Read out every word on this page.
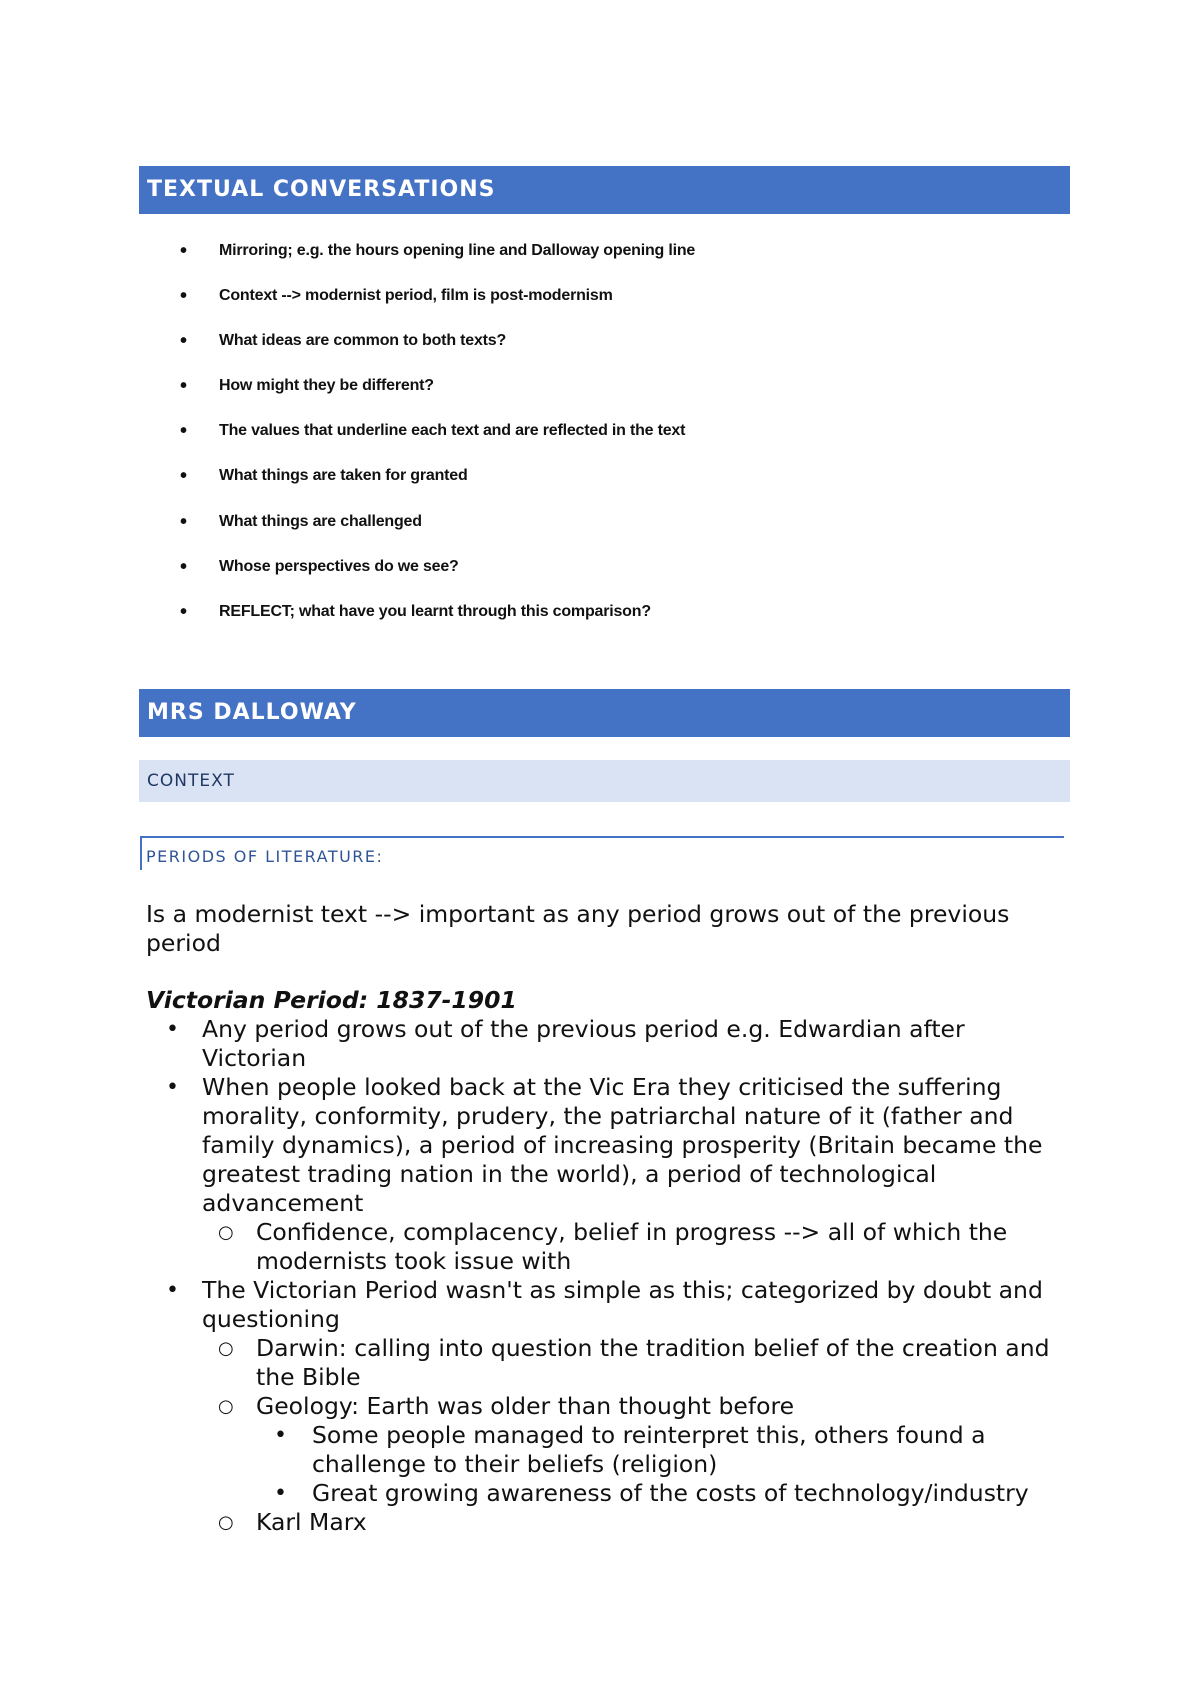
TEXTUAL CONVERSATIONS
• Mirroring; e.g. the hours opening line and Dalloway opening line
• Context --> modernist period, film is post-modernism
• What ideas are common to both texts?
• How might they be different?
• The values that underline each text and are reflected in the text
• What things are taken for granted
• What things are challenged
• Whose perspectives do we see?
• REFLECT; what have you learnt through this comparison?
MRS DALLOWAY
CONTEXT
PERIODS OF LITERATURE:

Is a modernist text --> important as any period grows out of the previous period

Victorian Period: 1837-1901

• Any period grows out of the previous period e.g. Edwardian after Victorian
• When people looked back at the Vic Era they criticised the suffering morality, conformity, prudery, the patriarchal nature of it (father and family dynamics), a period of increasing prosperity (Britain became the greatest trading nation in the world), a period of technological advancement
○ Confidence, complacency, belief in progress --> all of which the modernists took issue with
• The Victorian Period wasn't as simple as this; categorized by doubt and questioning
○ Darwin: calling into question the tradition belief of the creation and the Bible
○ Geology: Earth was older than thought before
• Some people managed to reinterpret this, others found a challenge to their beliefs (religion)
• Great growing awareness of the costs of technology/industry
○ Karl Marx
